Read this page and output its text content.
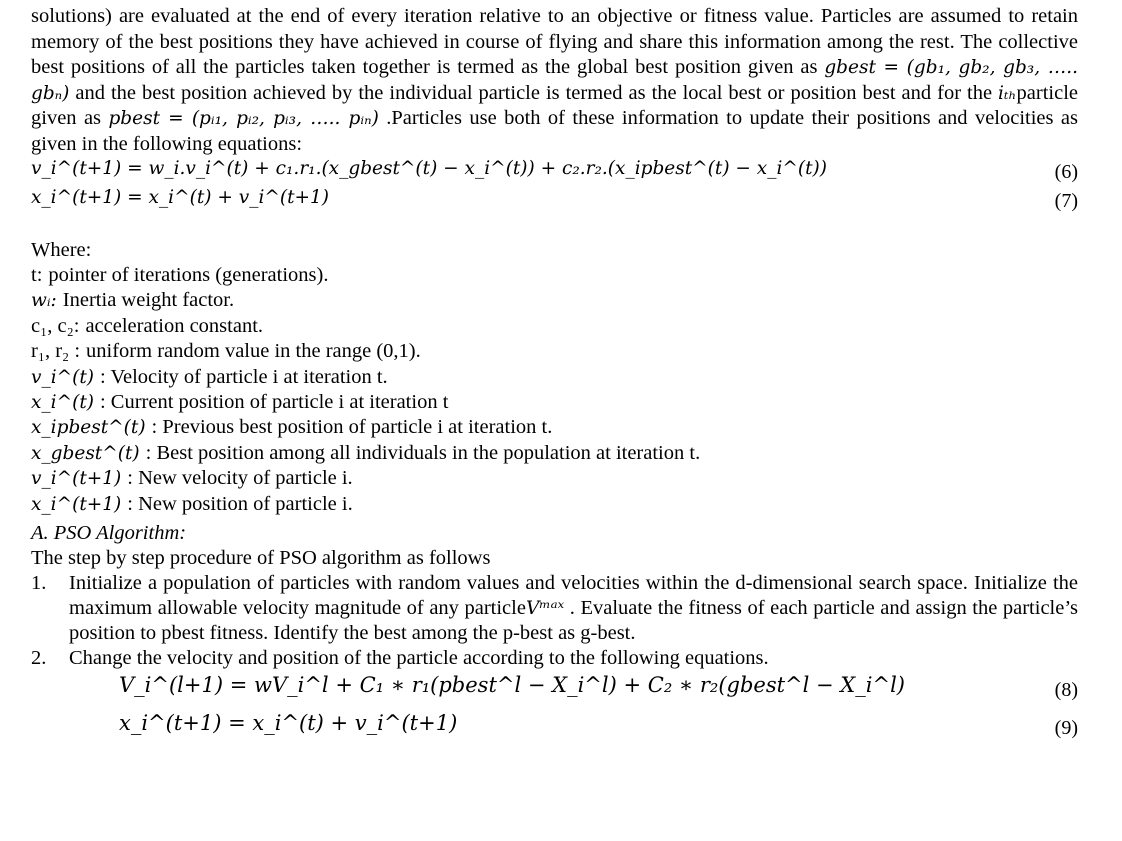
solutions) are evaluated at the end of every iteration relative to an objective or fitness value. Particles are assumed to retain memory of the best positions they have achieved in course of flying and share this information among the rest. The collective best positions of all the particles taken together is termed as the global best position given as gbest = (gb₁, gb₂, gb₃, ….. gbₙ) and the best position achieved by the individual particle is termed as the local best or position best and for the iₜₕparticle given as pbest = (pᵢ₁, pᵢ₂, pᵢ₃, ….. pᵢₙ) .Particles use both of these information to update their positions and velocities as given in the following equations:

v_i^(t+1) = w_i.v_i^(t) + c₁.r₁.(x_gbest^(t) − x_i^(t)) + c₂.r₂.(x_ipbest^(t) − x_i^(t))	(6)
x_i^(t+1) = x_i^(t) + v_i^(t+1)	(7)
Where:
t: pointer of iterations (generations).
wᵢ: Inertia weight factor.
c₁, c₂: acceleration constant.
r₁, r₂ : uniform random value in the range (0,1).
v_i^(t) : Velocity of particle i at iteration t.
x_i^(t) : Current position of particle i at iteration t
x_ipbest^(t) : Previous best position of particle i at iteration t.
x_gbest^(t) : Best position among all individuals in the population at iteration t.
v_i^(t+1) : New velocity of particle i.
x_i^(t+1) : New position of particle i.
A. PSO Algorithm:
The step by step procedure of PSO algorithm as follows
1.	Initialize a population of particles with random values and velocities within the d-dimensional search space. Initialize the maximum allowable velocity magnitude of any particleVᵐᵃˣ . Evaluate the fitness of each particle and assign the particle’s position to pbest fitness. Identify the best among the p-best as g-best.
2.	Change the velocity and position of the particle according to the following equations.
V_i^(l+1) = wV_i^l + C₁ ∗ r₁(pbest^l − X_i^l) + C₂ ∗ r₂(gbest^l − X_i^l)	(8)
x_i^(t+1) = x_i^(t) + v_i^(t+1)	(9)
